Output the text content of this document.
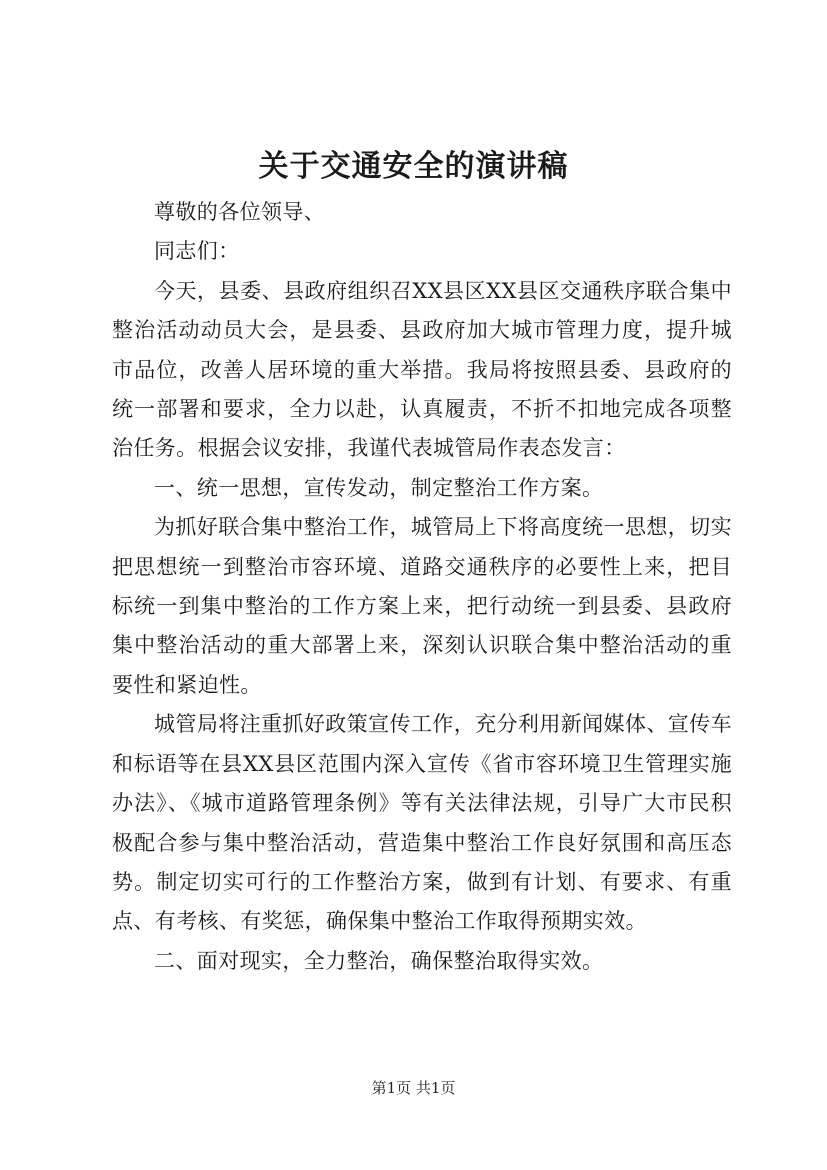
关于交通安全的演讲稿

尊敬的各位领导、

同志们：

今天，县委、县政府组织召XX县区XX县区交通秩序联合集中整治活动动员大会，是县委、县政府加大城市管理力度，提升城市品位，改善人居环境的重大举措。我局将按照县委、县政府的统一部署和要求，全力以赴，认真履责，不折不扣地完成各项整治任务。根据会议安排，我谨代表城管局作表态发言：

一、统一思想，宣传发动，制定整治工作方案。

为抓好联合集中整治工作，城管局上下将高度统一思想，切实把思想统一到整治市容环境、道路交通秩序的必要性上来，把目标统一到集中整治的工作方案上来，把行动统一到县委、县政府集中整治活动的重大部署上来，深刻认识联合集中整治活动的重要性和紧迫性。

城管局将注重抓好政策宣传工作，充分利用新闻媒体、宣传车和标语等在县XX县区范围内深入宣传《省市容环境卫生管理实施办法》、《城市道路管理条例》等有关法律法规，引导广大市民积极配合参与集中整治活动，营造集中整治工作良好氛围和高压态势。制定切实可行的工作整治方案，做到有计划、有要求、有重点、有考核、有奖惩，确保集中整治工作取得预期实效。

二、面对现实，全力整治，确保整治取得实效。

第1页 共1页
